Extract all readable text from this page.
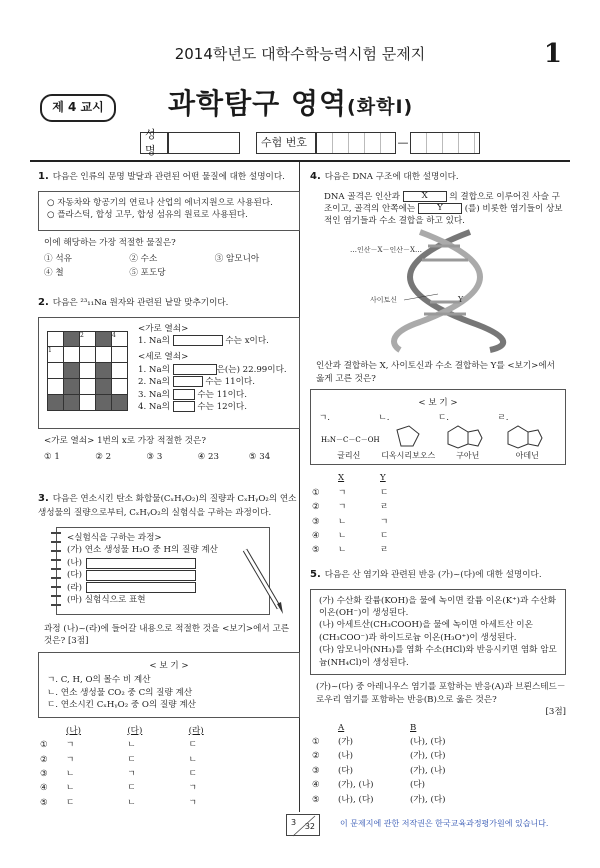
2014학년도 대학수학능력시험 문제지	1
제 4 교시	과학탐구 영역(화학Ⅰ)
성명
수험 번호	—
1. 다음은 인류의 문명 발달과 관련된 어떤 물질에 대한 설명이다.
○ 자동차와 항공기의 연료나 산업의 에너지원으로 사용된다.
○ 플라스틱, 합성 고무, 합성 섬유의 원료로 사용된다.
이에 해당하는 가장 적절한 물질은?
① 석유	② 수소	③ 암모니아
④ 철	⑤ 포도당
2. 다음은 ²³₁₁Na 원자와 관련된 낱말 맞추기이다.
		2		4
1				

<가로 열쇠>
1. Na의	수는 x이다.
<세로 열쇠>
1. Na의	은(는) 22.99이다.
2. Na의	수는 11이다.
3. Na의	수는 11이다.
4. Na의	수는 12이다.
<가로 열쇠> 1번의 x로 가장 적절한 것은?
① 1	② 2	③ 3	④ 23	⑤ 34
3. 다음은 연소시킨 탄소 화합물(CₓHᵧO₂)의 질량과 CₓHᵧO₂의 연소 생성물의 질량으로부터, CₓHᵧO₂의 실험식을 구하는 과정이다.
<실험식을 구하는 과정>
(가) 연소 생성물 H₂O 중 H의 질량 계산
(나)
(다)
(라)
(마) 실험식으로 표현
과정 (나)~(라)에 들어갈 내용으로 적절한 것을 <보기>에서 고른 것은? [3점]
< 보 기 >
ㄱ. C, H, O의 몰수 비 계산
ㄴ. 연소 생성물 CO₂ 중 C의 질량 계산
ㄷ. 연소시킨 CₓHᵧO₂ 중 O의 질량 계산
	(나)	(다)	(라)
①	ㄱ	ㄴ	ㄷ
②	ㄱ	ㄷ	ㄴ
③	ㄴ	ㄱ	ㄷ
④	ㄴ	ㄷ	ㄱ
⑤	ㄷ	ㄴ	ㄱ
4. 다음은 DNA 구조에 대한 설명이다.
DNA 골격은 인산과	X	의 결합으로 이루어진 사슬 구조이고, 골격의 안쪽에는	Y	(를) 비롯한 염기들이 상보적인 염기들과 수소 결합을 하고 있다.
…인산－X－인산－X…
사이토신	Y
인산과 결합하는 X, 사이토신과 수소 결합하는 Y를 <보기>에서 옳게 고른 것은?
< 보 기 >
ㄱ.
H₂N－C－C－OH
글리신
ㄴ.
디옥시리보오스
ㄷ.
구아닌
ㄹ.
아데닌
	X	Y
①	ㄱ	ㄷ
②	ㄱ	ㄹ
③	ㄴ	ㄱ
④	ㄴ	ㄷ
⑤	ㄴ	ㄹ
5. 다음은 산 염기와 관련된 반응 (가)~(다)에 대한 설명이다.
(가) 수산화 칼륨(KOH)을 물에 녹이면 칼륨 이온(K⁺)과 수산화 이온(OH⁻)이 생성된다.
(나) 아세트산(CH₃COOH)을 물에 녹이면 아세트산 이온 (CH₃COO⁻)과 하이드로늄 이온(H₃O⁺)이 생성된다.
(다) 암모니아(NH₃)를 염화 수소(HCl)와 반응시키면 염화 암모늄(NH₄Cl)이 생성된다.
(가)~(다) 중 아레니우스 염기를 포함하는 반응(A)과 브뢴스테드－로우리 염기를 포함하는 반응(B)으로 옳은 것은?
[3점]
	A	B
①	(가)	(나), (다)
②	(나)	(가), (다)
③	(다)	(가), (나)
④	(가), (나)	(다)
⑤	(나), (다)	(가), (다)
3 32	이 문제지에 관한 저작권은 한국교육과정평가원에 있습니다.
